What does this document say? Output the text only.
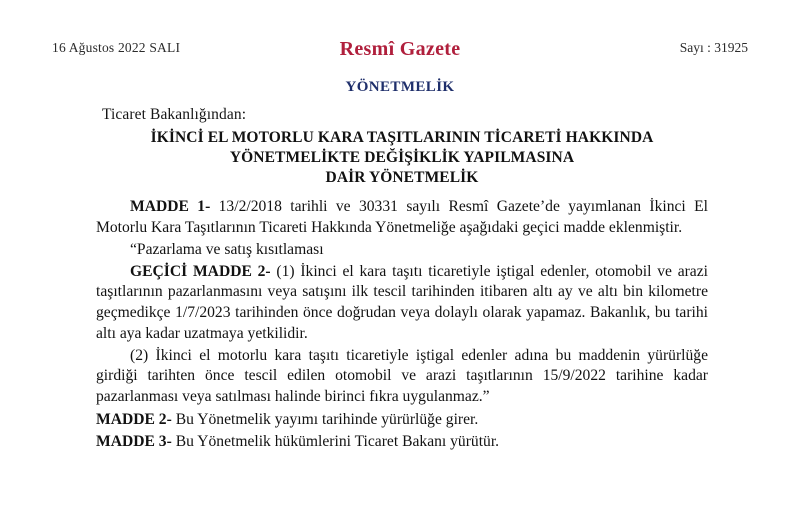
16 Ağustos 2022 SALI	Resmî Gazete	Sayı : 31925
YÖNETMELİK
Ticaret Bakanlığından:
İKİNCİ EL MOTORLU KARA TAŞITLARININ TİCARETİ HAKKINDA
YÖNETMELİKTE DEĞİŞİKLİK YAPILMASINA
DAİR YÖNETMELİK

MADDE 1- 13/2/2018 tarihli ve 30331 sayılı Resmî Gazete’de yayımlanan İkinci El Motorlu Kara Taşıtlarının Ticareti Hakkında Yönetmeliğe aşağıdaki geçici madde eklenmiştir.

“Pazarlama ve satış kısıtlaması

GEÇİCİ MADDE 2- (1) İkinci el kara taşıtı ticaretiyle iştigal edenler, otomobil ve arazi taşıtlarının pazarlanmasını veya satışını ilk tescil tarihinden itibaren altı ay ve altı bin kilometre geçmedikçe 1/7/2023 tarihinden önce doğrudan veya dolaylı olarak yapamaz. Bakanlık, bu tarihi altı aya kadar uzatmaya yetkilidir.

(2) İkinci el motorlu kara taşıtı ticaretiyle iştigal edenler adına bu maddenin yürürlüğe girdiği tarihten önce tescil edilen otomobil ve arazi taşıtlarının 15/9/2022 tarihine kadar pazarlanması veya satılması halinde birinci fıkra uygulanmaz.”

MADDE 2- Bu Yönetmelik yayımı tarihinde yürürlüğe girer.

MADDE 3- Bu Yönetmelik hükümlerini Ticaret Bakanı yürütür.
